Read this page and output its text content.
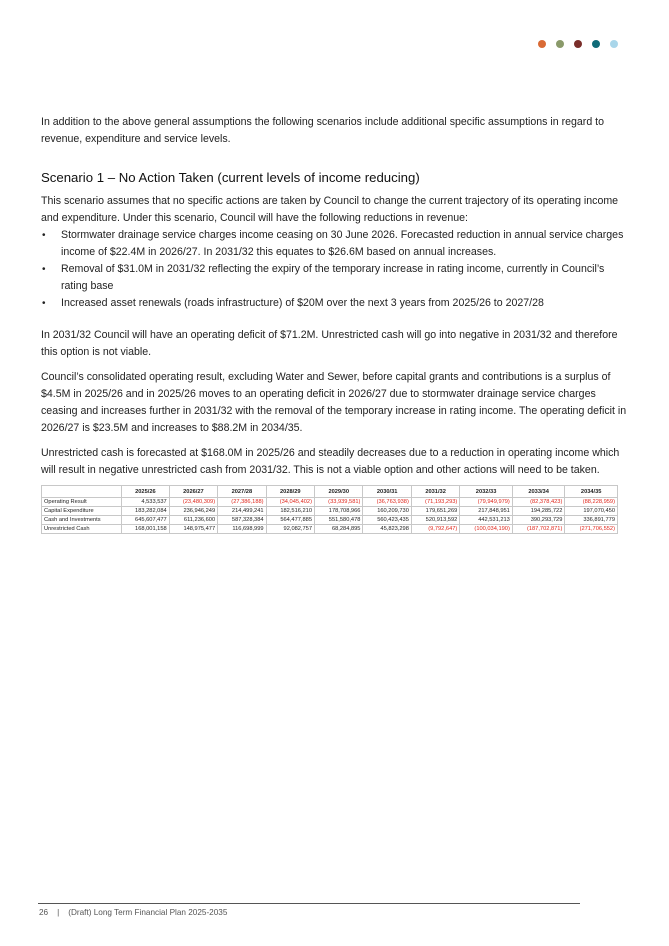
In addition to the above general assumptions the following scenarios include additional specific assumptions in regard to revenue, expenditure and service levels.

Scenario 1 – No Action Taken (current levels of income reducing)

This scenario assumes that no specific actions are taken by Council to change the current trajectory of its operating income and expenditure. Under this scenario, Council will have the following reductions in revenue:

• Stormwater drainage service charges income ceasing on 30 June 2026. Forecasted reduction in annual service charges income of $22.4M in 2026/27. In 2031/32 this equates to $26.6M based on annual increases.
• Removal of $31.0M in 2031/32 reflecting the expiry of the temporary increase in rating income, currently in Council’s rating base
• Increased asset renewals (roads infrastructure) of $20M over the next 3 years from 2025/26 to 2027/28

In 2031/32 Council will have an operating deficit of $71.2M. Unrestricted cash will go into negative in 2031/32 and therefore this option is not viable.

Council’s consolidated operating result, excluding Water and Sewer, before capital grants and contributions is a surplus of $4.5M in 2025/26 and in 2025/26 moves to an operating deficit in 2026/27 due to stormwater drainage service charges ceasing and increases further in 2031/32 with the removal of the temporary increase in rating income. The operating deficit in 2026/27 is $23.5M and increases to $88.2M in 2034/35.

Unrestricted cash is forecasted at $168.0M in 2025/26 and steadily decreases due to a reduction in operating income which will result in negative unrestricted cash from 2031/32. This is not a viable option and other actions will need to be taken.

	2025/26	2026/27	2027/28	2028/29	2029/30	2030/31	2031/32	2032/33	2033/34	2034/35
Operating Result	4,533,537	(23,480,309)	(27,386,188)	(34,045,402)	(33,939,581)	(36,763,938)	(71,193,293)	(79,949,979)	(82,378,423)	(88,228,959)
Capital Expenditure	183,282,084	236,946,249	214,499,241	182,516,210	178,708,966	160,209,730	179,651,269	217,848,951	194,285,722	197,070,450
Cash and Investments	645,607,477	611,236,600	587,328,384	564,477,885	551,580,478	560,423,435	520,913,592	442,531,213	390,293,729	336,891,779
Unrestricted Cash	168,001,158	148,975,477	116,698,999	92,082,757	68,284,895	45,823,298	(9,792,647)	(100,034,190)	(187,702,871)	(271,706,552)
26 | (Draft) Long Term Financial Plan 2025-2035
